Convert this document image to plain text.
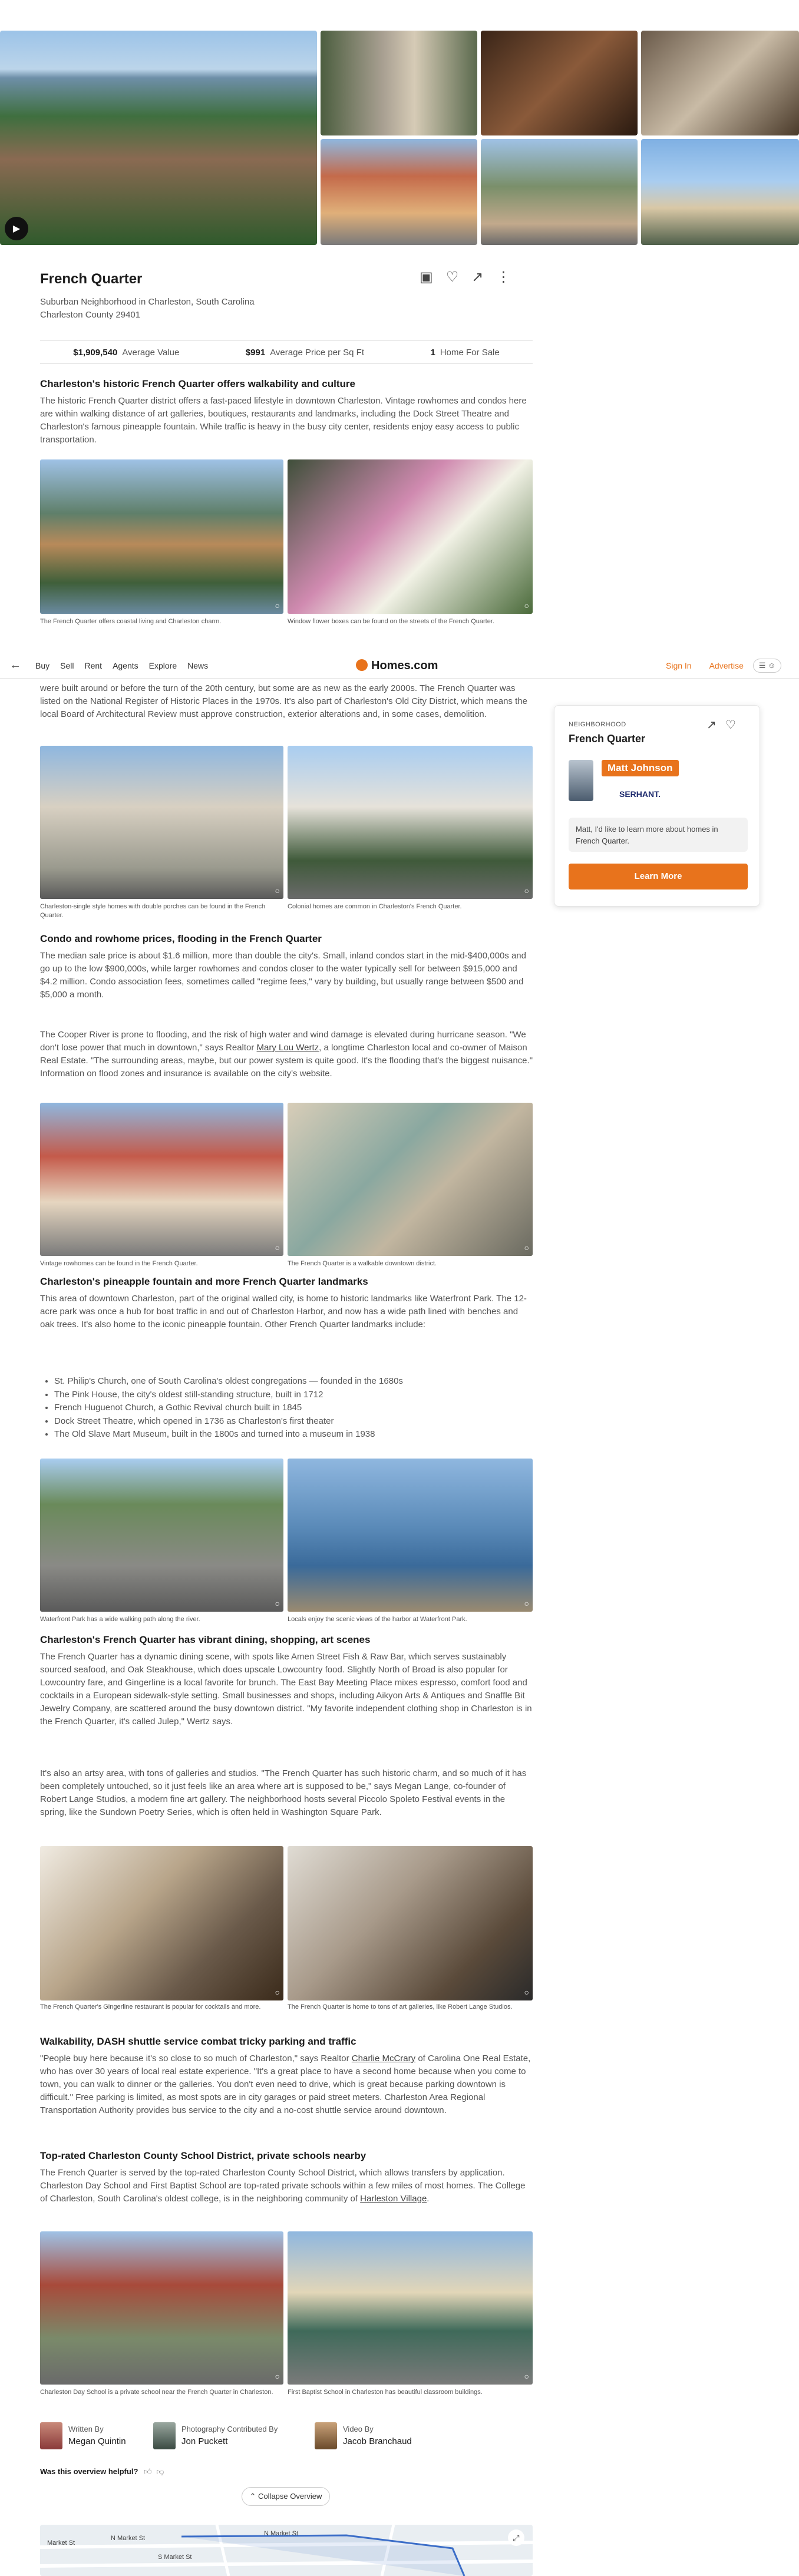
▶
French Quarter	▣ ♡ ↗ ⋮
Suburban Neighborhood in Charleston, South Carolina
Charleston County 29401
$1,909,540 Average Value	$991 Average Price per Sq Ft	1 Home For Sale
Charleston's historic French Quarter offers walkability and culture
The historic French Quarter district offers a fast-paced lifestyle in downtown Charleston. Vintage rowhomes and condos here are within walking distance of art galleries, boutiques, restaurants and landmarks, including the Dock Street Theatre and Charleston's famous pineapple fountain. While traffic is heavy in the busy city center, residents enjoy easy access to public transportation.
○	○
The French Quarter offers coastal living and Charleston charm.	Window flower boxes can be found on the streets of the French Quarter.
← Buy Sell Rent Agents Explore News	Homes.com	Sign In Advertise	☰ ☺
were built around or before the turn of the 20th century, but some are as new as the early 2000s. The French Quarter was listed on the National Register of Historic Places in the 1970s. It's also part of Charleston's Old City District, which means the local Board of Architectural Review must approve construction, exterior alterations and, in some cases, demolition.
○	○
Charleston-single style homes with double porches can be found in the French Quarter.
Colonial homes are common in Charleston's French Quarter.
NEIGHBORHOOD
French Quarter
↗ ♡
Matt Johnson
SERHANT.
Matt, I'd like to learn more about homes in French Quarter.
Learn More
Condo and rowhome prices, flooding in the French Quarter
The median sale price is about $1.6 million, more than double the city's. Small, inland condos start in the mid-$400,000s and go up to the low $900,000s, while larger rowhomes and condos closer to the water typically sell for between $915,000 and $4.2 million. Condo association fees, sometimes called "regime fees," vary by building, but usually range between $500 and $5,000 a month.
The Cooper River is prone to flooding, and the risk of high water and wind damage is elevated during hurricane season. "We don't lose power that much in downtown," says Realtor Mary Lou Wertz, a longtime Charleston local and co-owner of Maison Real Estate. "The surrounding areas, maybe, but our power system is quite good. It's the flooding that's the biggest nuisance." Information on flood zones and insurance is available on the city's website.
○	○
Vintage rowhomes can be found in the French Quarter.	The French Quarter is a walkable downtown district.
Charleston's pineapple fountain and more French Quarter landmarks
This area of downtown Charleston, part of the original walled city, is home to historic landmarks like Waterfront Park. The 12-acre park was once a hub for boat traffic in and out of Charleston Harbor, and now has a wide path lined with benches and oak trees. It's also home to the iconic pineapple fountain. Other French Quarter landmarks include:
• St. Philip's Church, one of South Carolina's oldest congregations — founded in the 1680s
• The Pink House, the city's oldest still-standing structure, built in 1712
• French Huguenot Church, a Gothic Revival church built in 1845
• Dock Street Theatre, which opened in 1736 as Charleston's first theater
• The Old Slave Mart Museum, built in the 1800s and turned into a museum in 1938
○	○
Waterfront Park has a wide walking path along the river.	Locals enjoy the scenic views of the harbor at Waterfront Park.
Charleston's French Quarter has vibrant dining, shopping, art scenes
The French Quarter has a dynamic dining scene, with spots like Amen Street Fish & Raw Bar, which serves sustainably sourced seafood, and Oak Steakhouse, which does upscale Lowcountry food. Slightly North of Broad is also popular for Lowcountry fare, and Gingerline is a local favorite for brunch. The East Bay Meeting Place mixes espresso, comfort food and cocktails in a European sidewalk-style setting. Small businesses and shops, including Aikyon Arts & Antiques and Snaffle Bit Jewelry Company, are scattered around the busy downtown district. "My favorite independent clothing shop in Charleston is in the French Quarter, it's called Julep," Wertz says.
It's also an artsy area, with tons of galleries and studios. "The French Quarter has such historic charm, and so much of it has been completely untouched, so it just feels like an area where art is supposed to be," says Megan Lange, co-founder of Robert Lange Studios, a modern fine art gallery. The neighborhood hosts several Piccolo Spoleto Festival events in the spring, like the Sundown Poetry Series, which is often held in Washington Square Park.
○	○
The French Quarter's Gingerline restaurant is popular for cocktails and more.	The French Quarter is home to tons of art galleries, like Robert Lange Studios.
Walkability, DASH shuttle service combat tricky parking and traffic
"People buy here because it's so close to so much of Charleston," says Realtor Charlie McCrary of Carolina One Real Estate, who has over 30 years of local real estate experience. "It's a great place to have a second home because when you come to town, you can walk to dinner or the galleries. You don't even need to drive, which is great because parking downtown is difficult." Free parking is limited, as most spots are in city garages or paid street meters. Charleston Area Regional Transportation Authority provides bus service to the city and a no-cost shuttle service around downtown.
Top-rated Charleston County School District, private schools nearby
The French Quarter is served by the top-rated Charleston County School District, which allows transfers by application. Charleston Day School and First Baptist School are top-rated private schools within a few miles of most homes. The College of Charleston, South Carolina's oldest college, is in the neighboring community of Harleston Village.
○	○
Charleston Day School is a private school near the French Quarter in Charleston.	First Baptist School in Charleston has beautiful classroom buildings.
Written By
Megan Quintin
Photography Contributed By
Jon Puckett
Video By
Jacob Branchaud
Was this overview helpful? 👍︎ 👎︎
⌃ Collapse Overview
Market St
N Market St
S Market St
N Market St	⤢
